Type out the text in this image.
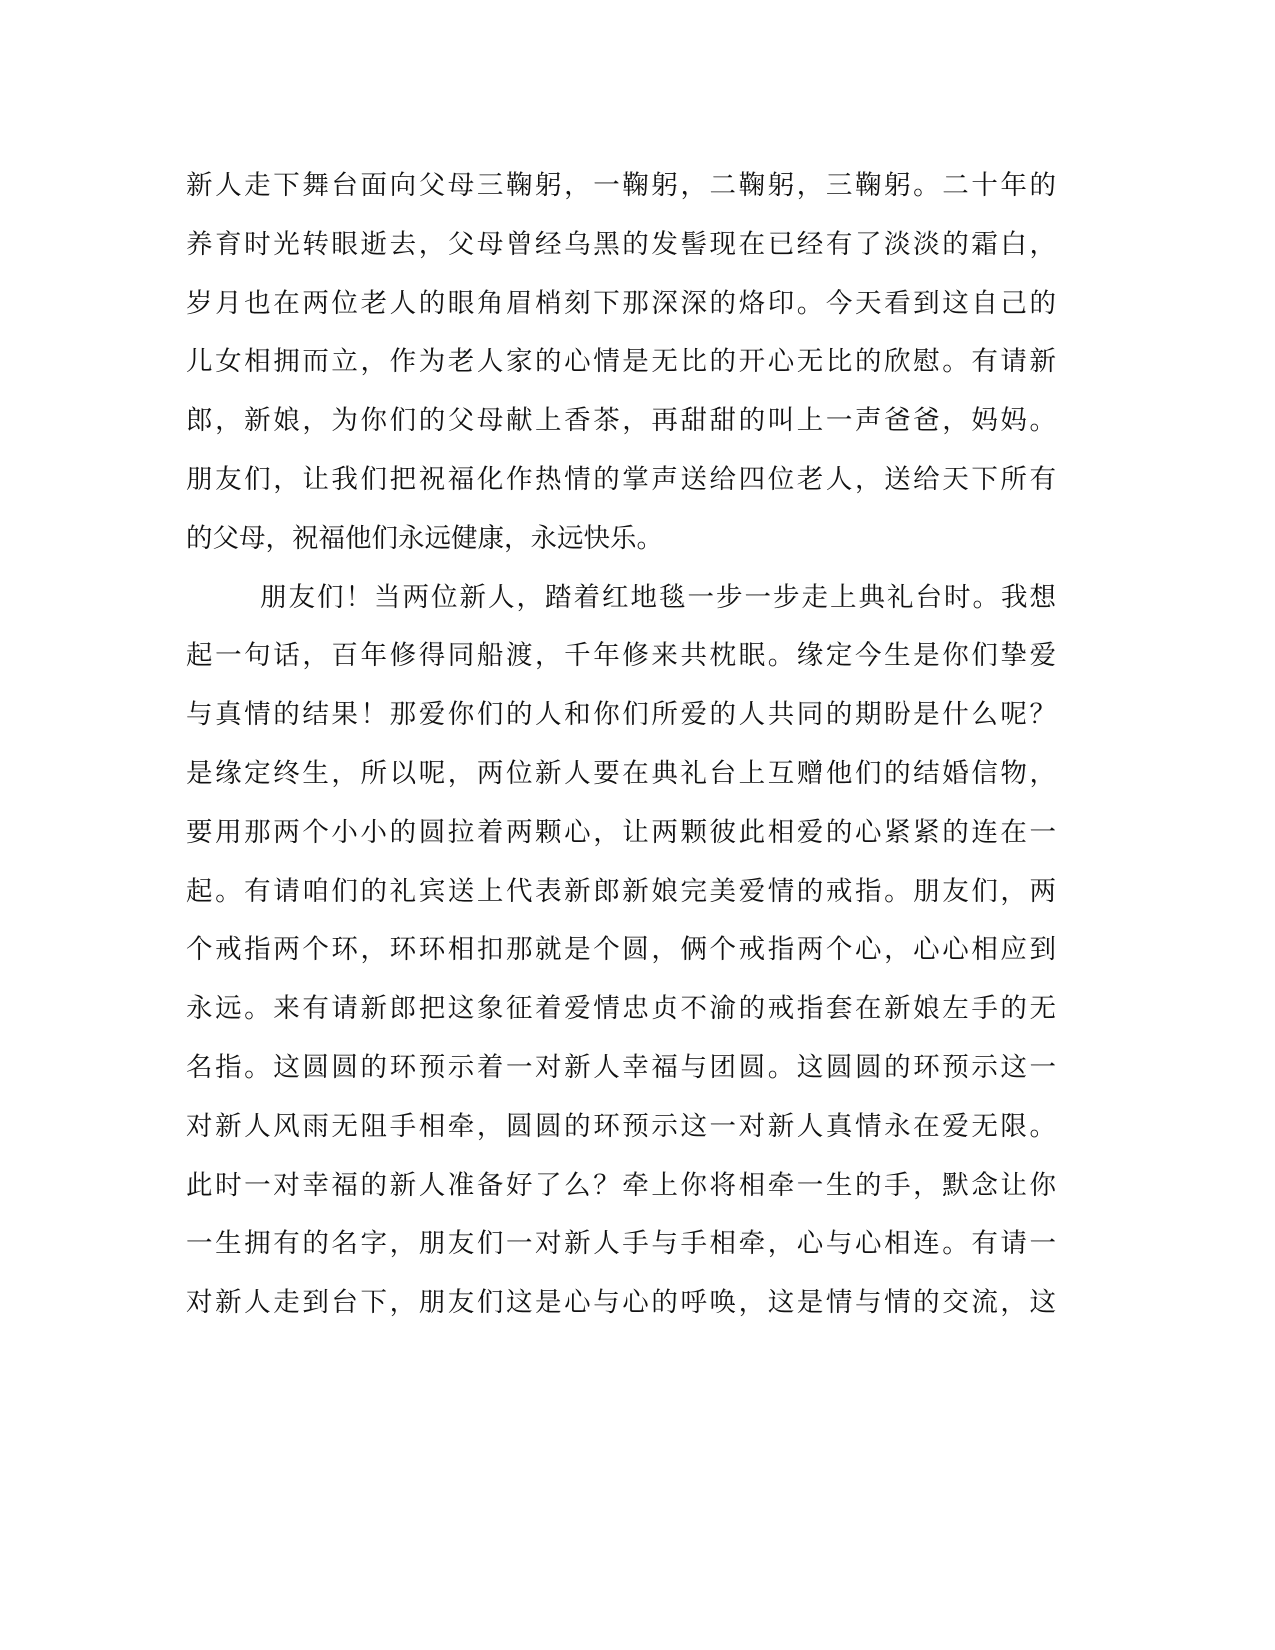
新人走下舞台面向父母三鞠躬，一鞠躬，二鞠躬，三鞠躬。二十年的
养育时光转眼逝去，父母曾经乌黑的发髻现在已经有了淡淡的霜白，
岁月也在两位老人的眼角眉梢刻下那深深的烙印。今天看到这自己的
儿女相拥而立，作为老人家的心情是无比的开心无比的欣慰。有请新
郎，新娘，为你们的父母献上香茶，再甜甜的叫上一声爸爸，妈妈。
朋友们，让我们把祝福化作热情的掌声送给四位老人，送给天下所有
的父母，祝福他们永远健康，永远快乐。
朋友们！当两位新人，踏着红地毯一步一步走上典礼台时。我想
起一句话，百年修得同船渡，千年修来共枕眠。缘定今生是你们挚爱
与真情的结果！那爱你们的人和你们所爱的人共同的期盼是什么呢？
是缘定终生，所以呢，两位新人要在典礼台上互赠他们的结婚信物，
要用那两个小小的圆拉着两颗心，让两颗彼此相爱的心紧紧的连在一
起。有请咱们的礼宾送上代表新郎新娘完美爱情的戒指。朋友们，两
个戒指两个环，环环相扣那就是个圆，俩个戒指两个心，心心相应到
永远。来有请新郎把这象征着爱情忠贞不渝的戒指套在新娘左手的无
名指。这圆圆的环预示着一对新人幸福与团圆。这圆圆的环预示这一
对新人风雨无阻手相牵，圆圆的环预示这一对新人真情永在爱无限。
此时一对幸福的新人准备好了么？牵上你将相牵一生的手，默念让你
一生拥有的名字，朋友们一对新人手与手相牵，心与心相连。有请一
对新人走到台下，朋友们这是心与心的呼唤，这是情与情的交流，这
